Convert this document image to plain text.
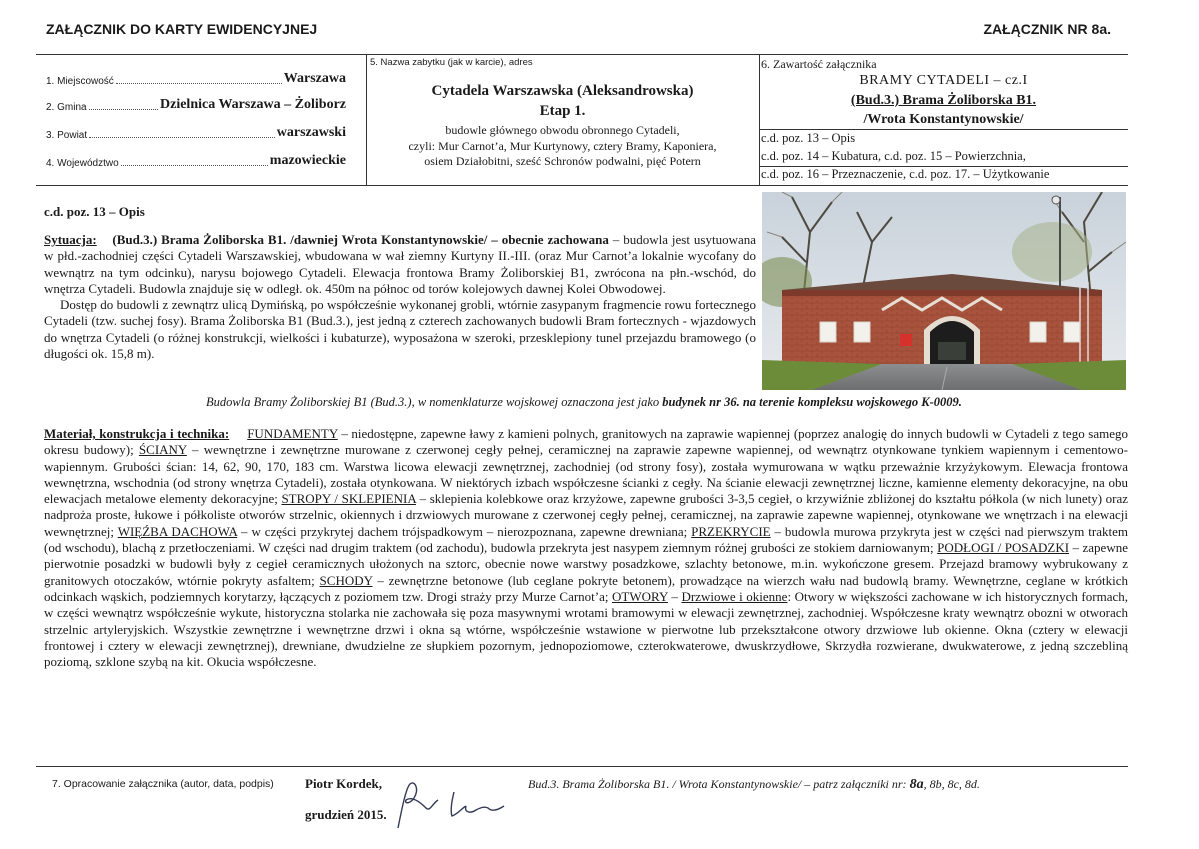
ZAŁĄCZNIK DO KARTY EWIDENCYJNEJ	ZAŁĄCZNIK NR 8a.
1. Miejscowość	Warszawa
2. Gmina	Dzielnica Warszawa – Żoliborz
3. Powiat	warszawski
4. Województwo	mazowieckie
5. Nazwa zabytku (jak w karcie), adres
Cytadela Warszawska (Aleksandrowska)
Etap 1.
budowle głównego obwodu obronnego Cytadeli,
czyli: Mur Carnot’a, Mur Kurtynowy, cztery Bramy, Kaponiera,
osiem Działobitni, sześć Schronów podwalni, pięć Potern
6. Zawartość załącznika
BRAMY CYTADELI – cz.I
(Bud.3.) Brama Żoliborska B1.
/Wrota Konstantynowskie/
c.d. poz. 13 – Opis
c.d. poz. 14 – Kubatura, c.d. poz. 15 – Powierzchnia,
c.d. poz. 16 – Przeznaczenie, c.d. poz. 17. – Użytkowanie
c.d. poz. 13 – Opis
Sytuacja: (Bud.3.) Brama Żoliborska B1. /dawniej Wrota Konstantynowskie/ – obecnie zachowana – budowla jest usytuowana w płd.-zachodniej części Cytadeli Warszawskiej, wbudowana w wał ziemny Kurtyny II.-III. (oraz Mur Carnot’a lokalnie wycofany do wewnątrz na tym odcinku), narysu bojowego Cytadeli. Elewacja frontowa Bramy Żoliborskiej B1, zwrócona na płn.-wschód, do wnętrza Cytadeli. Budowla znajduje się w odległ. ok. 450m na północ od torów kolejowych dawnej Kolei Obwodowej.
Dostęp do budowli z zewnątrz ulicą Dymińską, po współcześnie wykonanej grobli, wtórnie zasypanym fragmencie rowu fortecznego Cytadeli (tzw. suchej fosy). Brama Żoliborska B1 (Bud.3.), jest jedną z czterech zachowanych budowli Bram fortecznych - wjazdowych do wnętrza Cytadeli (o różnej konstrukcji, wielkości i kubaturze), wyposażona w szeroki, przesklepiony tunel przejazdu bramowego (o długości ok. 15,8 m).
Budowla Bramy Żoliborskiej B1 (Bud.3.), w nomenklaturze wojskowej oznaczona jest jako budynek nr 36. na terenie kompleksu wojskowego K-0009.
Materiał, konstrukcja i technika: FUNDAMENTY – niedostępne, zapewne ławy z kamieni polnych, granitowych na zaprawie wapiennej (poprzez analogię do innych budowli w Cytadeli z tego samego okresu budowy); ŚCIANY – wewnętrzne i zewnętrzne murowane z czerwonej cegły pełnej, ceramicznej na zaprawie zapewne wapiennej, od wewnątrz otynkowane tynkiem wapiennym i cementowo-wapiennym. Grubości ścian: 14, 62, 90, 170, 183 cm. Warstwa licowa elewacji zewnętrznej, zachodniej (od strony fosy), została wymurowana w wątku przeważnie krzyżykowym. Elewacja frontowa wewnętrzna, wschodnia (od strony wnętrza Cytadeli), została otynkowana. W niektórych izbach współczesne ścianki z cegły. Na ścianie elewacji zewnętrznej liczne, kamienne elementy dekoracyjne, na obu elewacjach metalowe elementy dekoracyjne; STROPY / SKLEPIENIA – sklepienia kolebkowe oraz krzyżowe, zapewne grubości 3-3,5 cegieł, o krzywiźnie zbliżonej do kształtu półkola (w nich lunety) oraz nadproża proste, łukowe i półkoliste otworów strzelnic, okiennych i drzwiowych murowane z czerwonej cegły pełnej, ceramicznej, na zaprawie zapewne wapiennej, otynkowane we wnętrzach i na elewacji wewnętrznej; WIĘŹBA DACHOWA – w części przykrytej dachem trójspadkowym – nierozpoznana, zapewne drewniana; PRZEKRYCIE – budowla murowa przykryta jest w części nad pierwszym traktem (od wschodu), blachą z przetłoczeniami. W części nad drugim traktem (od zachodu), budowla przekryta jest nasypem ziemnym różnej grubości ze stokiem darniowanym; PODŁOGI / POSADZKI – zapewne pierwotnie posadzki w budowli były z cegieł ceramicznych ułożonych na sztorc, obecnie nowe warstwy posadzkowe, szlachty betonowe, m.in. wykończone gresem. Przejazd bramowy wybrukowany z granitowych otoczaków, wtórnie pokryty asfaltem; SCHODY – zewnętrzne betonowe (lub ceglane pokryte betonem), prowadzące na wierzch wału nad budowlą bramy. Wewnętrzne, ceglane w krótkich odcinkach wąskich, podziemnych korytarzy, łączących z poziomem tzw. Drogi straży przy Murze Carnot’a; OTWORY – Drzwiowe i okienne: Otwory w większości zachowane w ich historycznych formach, w części wewnątrz współcześnie wykute, historyczna stolarka nie zachowała się poza masywnymi wrotami bramowymi w elewacji zewnętrznej, zachodniej. Współczesne kraty wewnątrz obozni w otworach strzelnic artyleryjskich. Wszystkie zewnętrzne i wewnętrzne drzwi i okna są wtórne, współcześnie wstawione w pierwotne lub przekształcone otwory drzwiowe lub okienne. Okna (cztery w elewacji frontowej i cztery w elewacji zewnętrznej), drewniane, dwudzielne ze słupkiem pozornym, jednopoziomowe, czterokwaterowe, dwuskrzydłowe, Skrzydła rozwierane, dwukwaterowe, z jedną szczebliną poziomą, szklone szybą na kit. Okucia współczesne.
7. Opracowanie załącznika (autor, data, podpis) Piotr Kordek,
grudzień 2015.
Bud.3. Brama Żoliborska B1. / Wrota Konstantynowskie/ – patrz załączniki nr: 8a, 8b, 8c, 8d.
